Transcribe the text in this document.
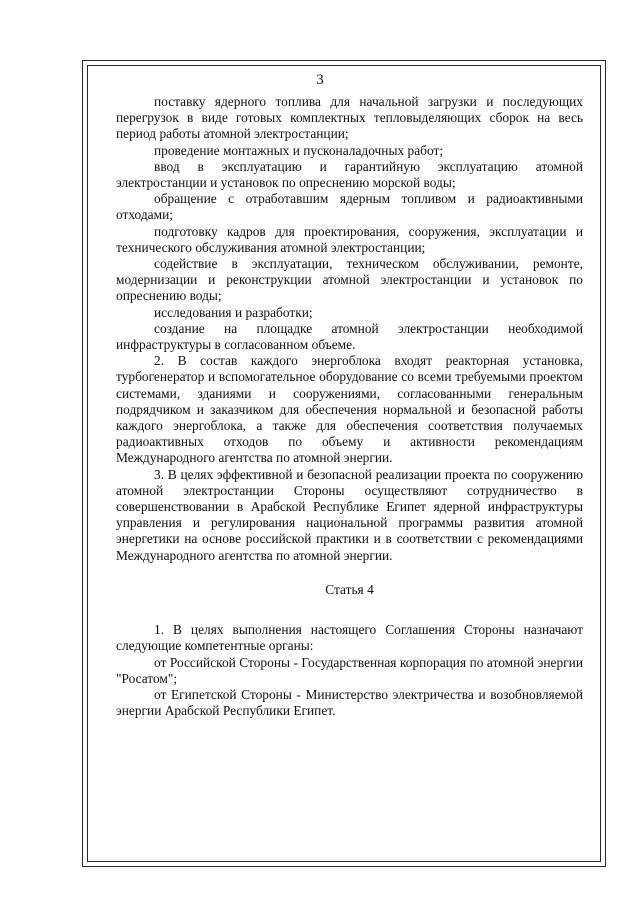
3

поставку ядерного топлива для начальной загрузки и последующих перегрузок в виде готовых комплектных тепловыделяющих сборок на весь период работы атомной электростанции;

проведение монтажных и пусконаладочных работ;

ввод в эксплуатацию и гарантийную эксплуатацию атомной электростанции и установок по опреснению морской воды;

обращение с отработавшим ядерным топливом и радиоактивными отходами;

подготовку кадров для проектирования, сооружения, эксплуатации и технического обслуживания атомной электростанции;

содействие в эксплуатации, техническом обслуживании, ремонте, модернизации и реконструкции атомной электростанции и установок по опреснению воды;

исследования и разработки;

создание на площадке атомной электростанции необходимой инфраструктуры в согласованном объеме.

2. В состав каждого энергоблока входят реакторная установка, турбогенератор и вспомогательное оборудование со всеми требуемыми проектом системами, зданиями и сооружениями, согласованными генеральным подрядчиком и заказчиком для обеспечения нормальной и безопасной работы каждого энергоблока, а также для обеспечения соответствия получаемых радиоактивных отходов по объему и активности рекомендациям Международного агентства по атомной энергии.

3. В целях эффективной и безопасной реализации проекта по сооружению атомной электростанции Стороны осуществляют сотрудничество в совершенствовании в Арабской Республике Египет ядерной инфраструктуры управления и регулирования национальной программы развития атомной энергетики на основе российской практики и в соответствии с рекомендациями Международного агентства по атомной энергии.

Статья 4

1. В целях выполнения настоящего Соглашения Стороны назначают следующие компетентные органы:

от Российской Стороны - Государственная корпорация по атомной энергии "Росатом";

от Египетской Стороны - Министерство электричества и возобновляемой энергии Арабской Республики Египет.
